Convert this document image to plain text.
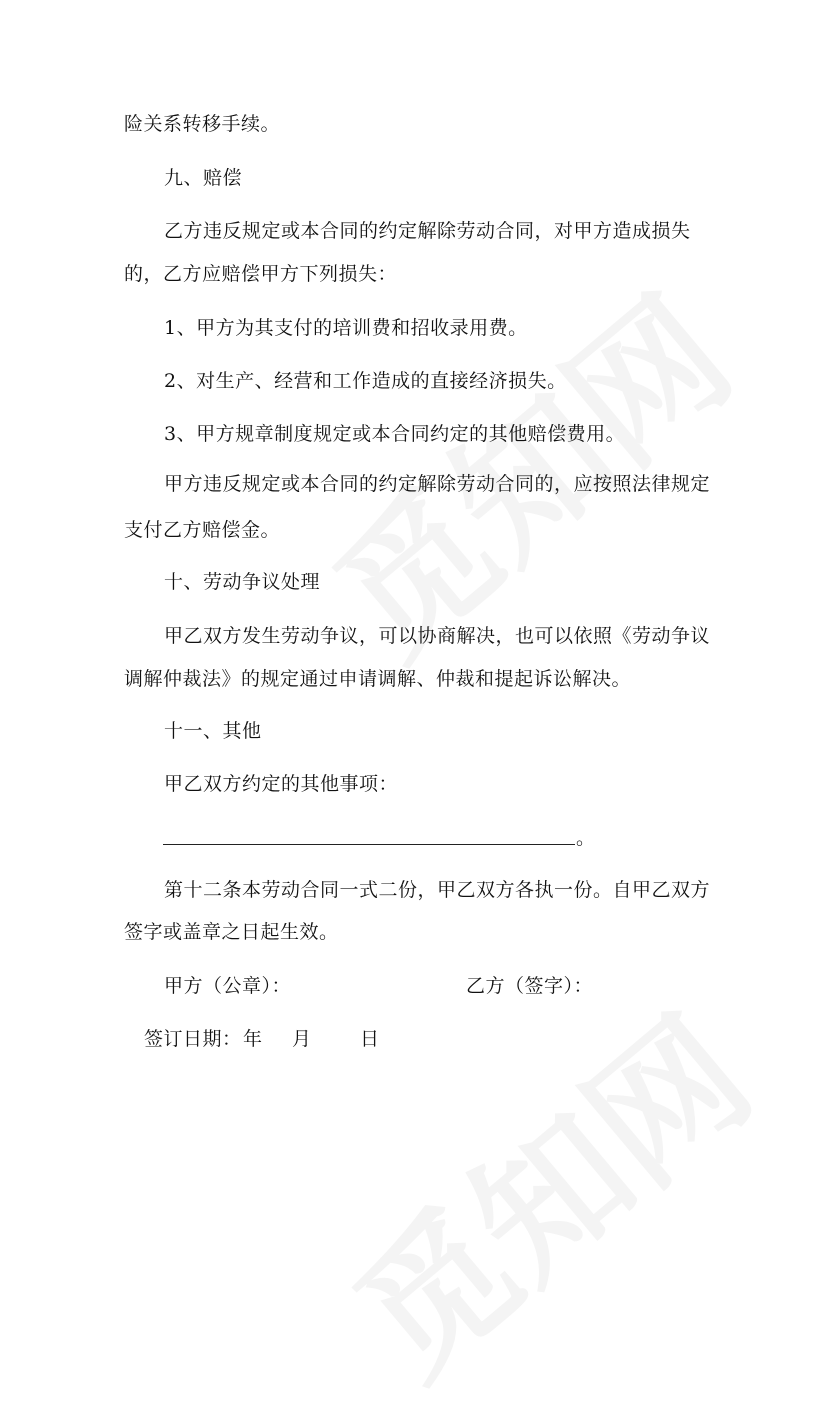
险关系转移手续。
九、赔偿
乙方违反规定或本合同的约定解除劳动合同，对甲方造成损失
的，乙方应赔偿甲方下列损失：
1、甲方为其支付的培训费和招收录用费。
2、对生产、经营和工作造成的直接经济损失。
3、甲方规章制度规定或本合同约定的其他赔偿费用。
甲方违反规定或本合同的约定解除劳动合同的，应按照法律规定
支付乙方赔偿金。
十、劳动争议处理
甲乙双方发生劳动争议，可以协商解决，也可以依照《劳动争议
调解仲裁法》的规定通过申请调解、仲裁和提起诉讼解决。
十一、其他
甲乙双方约定的其他事项：
。
第十二条本劳动合同一式二份，甲乙双方各执一份。自甲乙双方
签字或盖章之日起生效。
甲方（公章）：	乙方（签字）：
签订日期： 年 月	日
